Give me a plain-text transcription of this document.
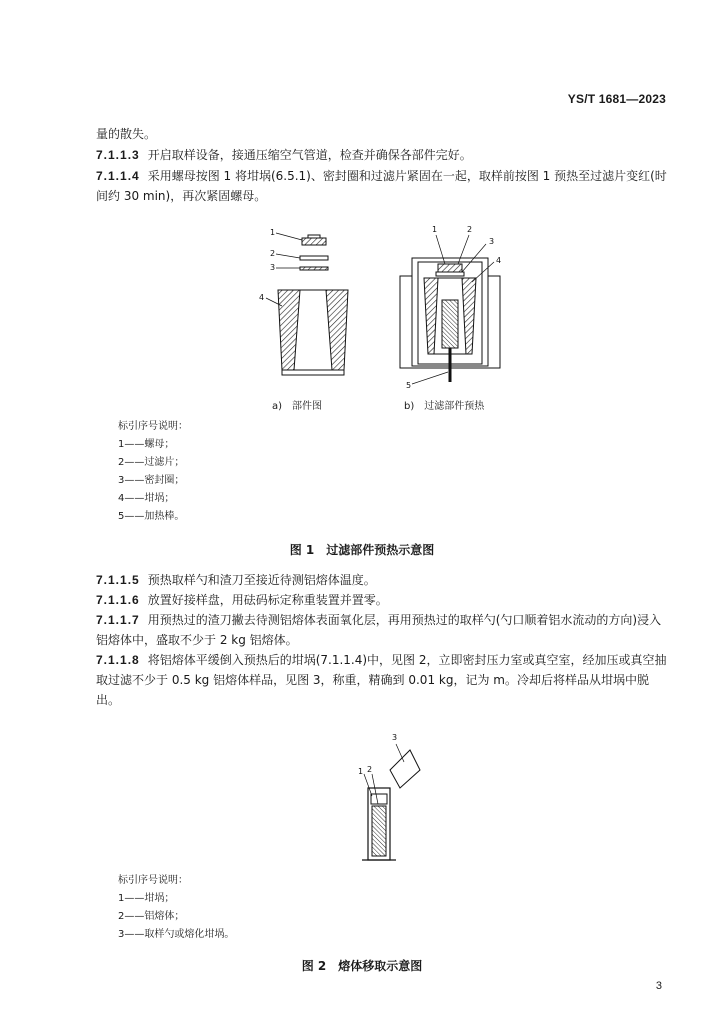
YS/T 1681—2023
量的散失。
7.1.1.3 开启取样设备，接通压缩空气管道，检查并确保各部件完好。
7.1.1.4 采用螺母按图 1 将坩埚(6.5.1)、密封圈和过滤片紧固在一起，取样前按图 1 预热至过滤片变红(时间约 30 min)，再次紧固螺母。
1
2
3
4
1	2
3
4
5
a)　部件图	b)　过滤部件预热
标引序号说明：
1——螺母；
2——过滤片；
3——密封圈；
4——坩埚；
5——加热棒。
图 1　过滤部件预热示意图
7.1.1.5 预热取样勺和渣刀至接近待测铝熔体温度。
7.1.1.6 放置好接样盘，用砝码标定称重装置并置零。
7.1.1.7 用预热过的渣刀撇去待测铝熔体表面氧化层，再用预热过的取样勺(勺口顺着铝水流动的方向)浸入铝熔体中，盛取不少于 2 kg 铝熔体。
7.1.1.8 将铝熔体平缓倒入预热后的坩埚(7.1.1.4)中，见图 2，立即密封压力室或真空室，经加压或真空抽取过滤不少于 0.5 kg 铝熔体样品，见图 3，称重，精确到 0.01 kg，记为 m。冷却后将样品从坩埚中脱出。
3
1 2
标引序号说明：
1——坩埚；
2——铝熔体；
3——取样勺或熔化坩埚。
图 2　熔体移取示意图
3
